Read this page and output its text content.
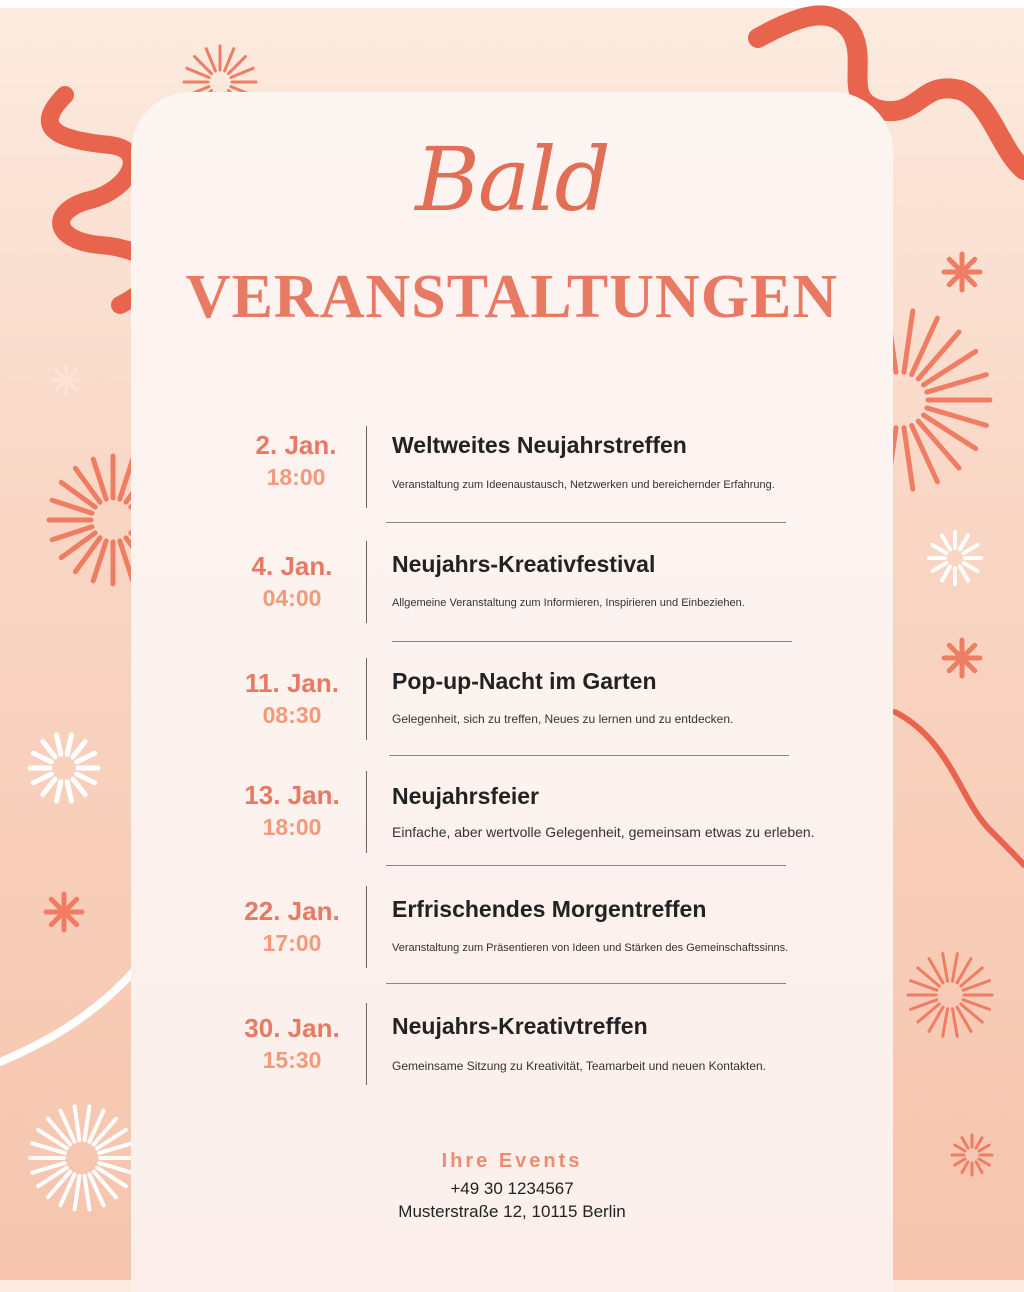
Bald
VERANSTALTUNGEN
2. Jan.
18:00
Weltweites Neujahrstreffen
Veranstaltung zum Ideenaustausch, Netzwerken und bereichernder Erfahrung.
4. Jan.
04:00
Neujahrs-Kreativfestival
Allgemeine Veranstaltung zum Informieren, Inspirieren und Einbeziehen.
11. Jan.
08:30
Pop-up-Nacht im Garten
Gelegenheit, sich zu treffen, Neues zu lernen und zu entdecken.
13. Jan.
18:00
Neujahrsfeier
Einfache, aber wertvolle Gelegenheit, gemeinsam etwas zu erleben.
22. Jan.
17:00
Erfrischendes Morgentreffen
Veranstaltung zum Präsentieren von Ideen und Stärken des Gemeinschaftssinns.
30. Jan.
15:30
Neujahrs-Kreativtreffen
Gemeinsame Sitzung zu Kreativität, Teamarbeit und neuen Kontakten.
Ihre Events
+49 30 1234567
Musterstraße 12, 10115 Berlin
